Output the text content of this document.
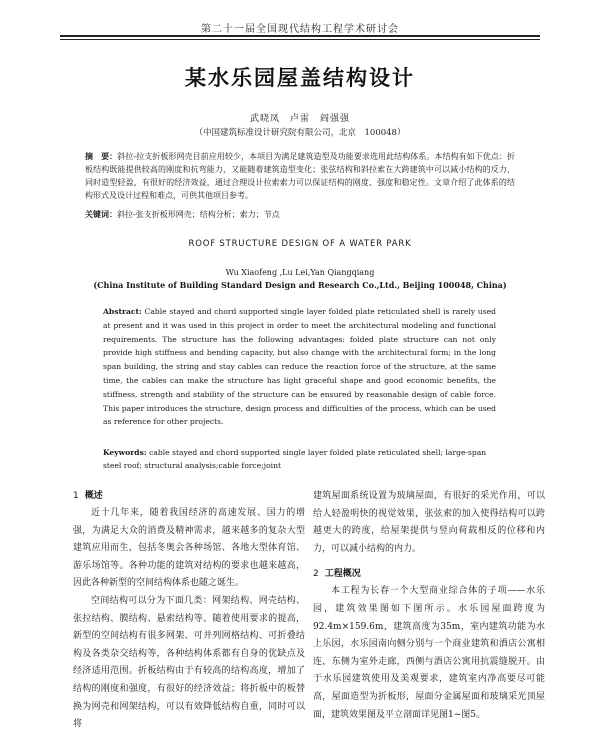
第二十一届全国现代结构工程学术研讨会
某水乐园屋盖结构设计
武晓凤　卢雷　阎强强
（中国建筑标准设计研究院有限公司，北京　100048）

摘　要：斜拉-拉支折板形网壳目前应用较少，本项目为满足建筑造型及功能要求选用此结构体系。本结构有如下优点：折板结构既能提供较高的刚度和抗弯能力，又能随着建筑造型变化；张弦结构和斜拉索在大跨建筑中可以减小结构的反力，同时造型轻盈，有很好的经济效益，通过合理设计拉索索力可以保证结构的刚度、强度和稳定性。文章介绍了此体系的结构形式及设计过程和难点，可供其他项目参考。

关键词：斜拉-张支折板形网壳；结构分析；索力；节点

ROOF STRUCTURE DESIGN OF A WATER PARK
Wu Xiaofeng ,Lu Lei,Yan Qiangqiang
(China Institute of Building Standard Design and Research Co.,Ltd., Beijing 100048, China)

Abstract: Cable stayed and chord supported single layer folded plate reticulated shell is rarely used at present and it was used in this project in order to meet the architectural modeling and functional requirements. The structure has the following advantages: folded plate structure can not only provide high stiffness and bending capacity, but also change with the architectural form; in the long span building, the string and stay cables can reduce the reaction force of the structure, at the same time, the cables can make the structure has light graceful shape and good economic benefits, the stiffness, strength and stability of the structure can be ensured by reasonable design of cable force. This paper introduces the structure, design process and difficulties of the process, which can be used as reference for other projects.

Keywords: cable stayed and chord supported single layer folded plate reticulated shell; large-span steel roof; structural analysis;cable force;joint

1 概述

近十几年来，随着我国经济的高速发展、国力的增强，为满足大众的消费及精神需求，越来越多的复杂大型建筑应用而生，包括冬奥会各种场馆、各地大型体育馆、游乐场馆等。各种功能的建筑对结构的要求也越来越高，因此各种新型的空间结构体系也随之诞生。

空间结构可以分为下面几类：网架结构、网壳结构、张拉结构、膜结构、悬索结构等。随着使用要求的提高，新型的空间结构有很多网架、可并列网格结构、可折叠结构及各类杂交结构等，各种结构体系都有自身的优缺点及经济适用范围。折板结构由于有较高的结构高度，增加了结构的刚度和强度，有很好的经济效益；将折板中的板替换为网壳和网架结构，可以有效降低结构自重，同时可以将

建筑屋面系统设置为玻璃屋面，有很好的采光作用，可以给人轻盈明快的视觉效果，张弦索的加入使得结构可以跨越更大的跨度，给屋架提供与竖向荷载相反的位移和内力，可以减小结构的内力。

2 工程概况

本工程为长春一个大型商业综合体的子项——水乐园，建筑效果图如下图所示。水乐园屋面跨度为92.4m×159.6m，建筑高度为35m，室内建筑功能为水上乐园，水乐园南向侧分别与一个商业建筑和酒店公寓相连，东侧为室外走廊，西侧与酒店公寓用抗震缝脱开。由于水乐园建筑使用及美观要求，建筑室内净高要尽可能高，屋面造型为折板形，屋面分金属屋面和玻璃采光顶屋面，建筑效果图及平立剖面详见图1~图5。
